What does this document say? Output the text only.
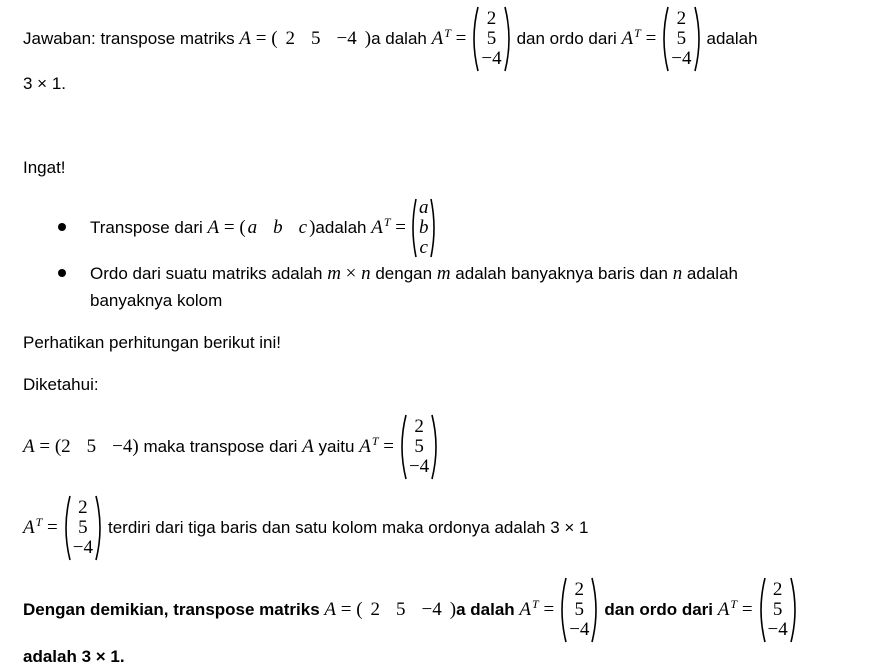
Jawaban: transpose matriks
A = ( 2 5 −4 ) a dalah
$A^T$ =
2
5
−4
dan ordo dari
$A^T$ =
2
5
−4
adalah
3 × 1.
Ingat!
Transpose dari
A = ( a b c ) adalah
$A^T$ =
a
b
c
Ordo dari suatu matriks adalah
m
×
n
dengan
m
adalah banyaknya baris dan
n
adalah
banyaknya kolom
Perhatikan perhitungan berikut ini!
Diketahui:
A = ( 2 5 −4 )
maka transpose dari
A
yaitu
$A^T$ =
2
5
−4
$A^T$ =
2
5
−4
terdiri dari tiga baris dan satu kolom maka ordonya adalah 3 × 1
Dengan demikian, transpose matriks
A = ( 2 5 −4 ) a dalah
$A^T$ =
2
5
−4
dan ordo dari
$A^T$ =
2
5
−4
adalah 3 × 1.
